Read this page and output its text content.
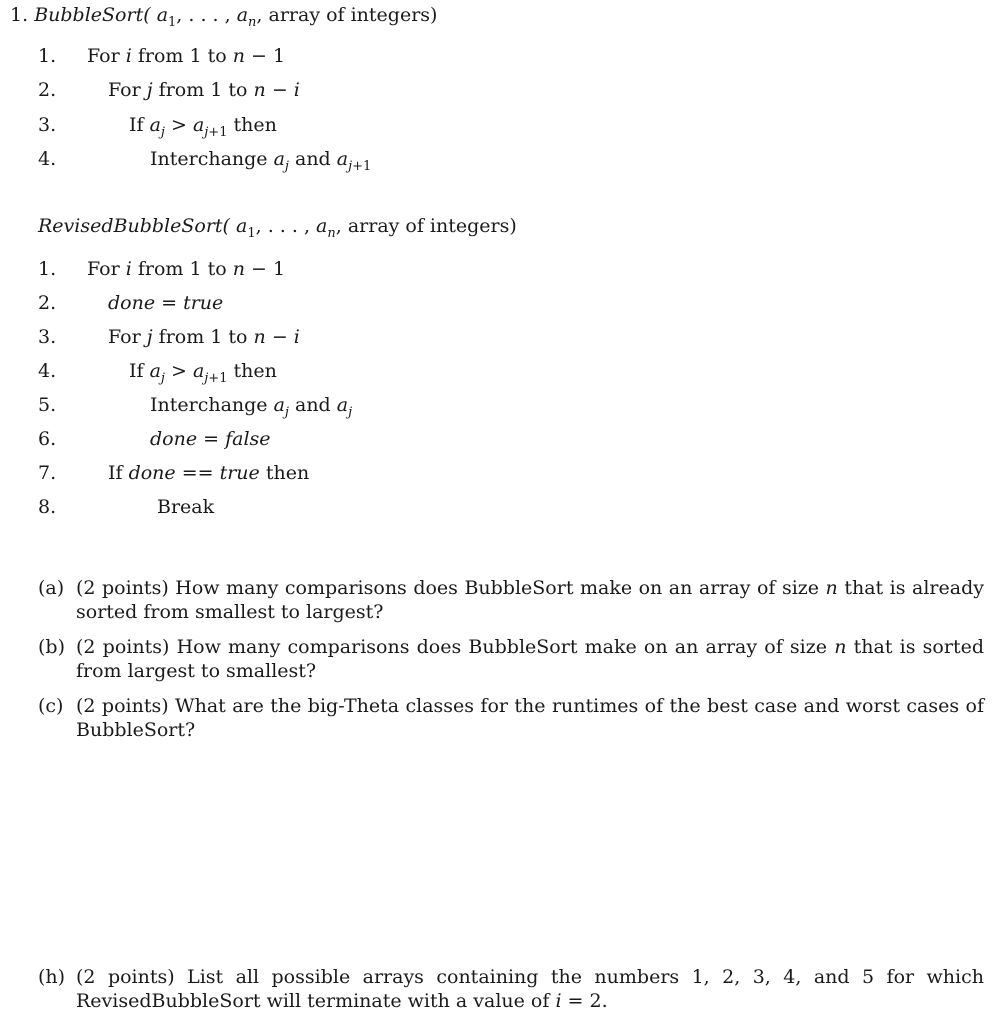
1. BubbleSort( $a_1$, . . . , $a_n$, array of integers)
1.	For i from 1 to n − 1
2.	For j from 1 to n − i
3.	If $a_j > a_{j+1}$ then
4.	Interchange $a_j$ and $a_{j+1}$
RevisedBubbleSort( $a_1$, . . . , $a_n$, array of integers)
1.	For i from 1 to n − 1
2.	done = true
3.	For j from 1 to n − i
4.	If $a_j > a_{j+1}$ then
5.	Interchange $a_j$ and $a_j$
6.	done = false
7.	If done == true then
8.	Break
(a) (2 points) How many comparisons does BubbleSort make on an array of size n that is already sorted from smallest to largest?
(b) (2 points) How many comparisons does BubbleSort make on an array of size n that is sorted from largest to smallest?
(c) (2 points) What are the big-Theta classes for the runtimes of the best case and worst cases of BubbleSort?
(h) (2 points) List all possible arrays containing the numbers 1, 2, 3, 4, and 5 for which RevisedBubbleSort will terminate with a value of i = 2.
